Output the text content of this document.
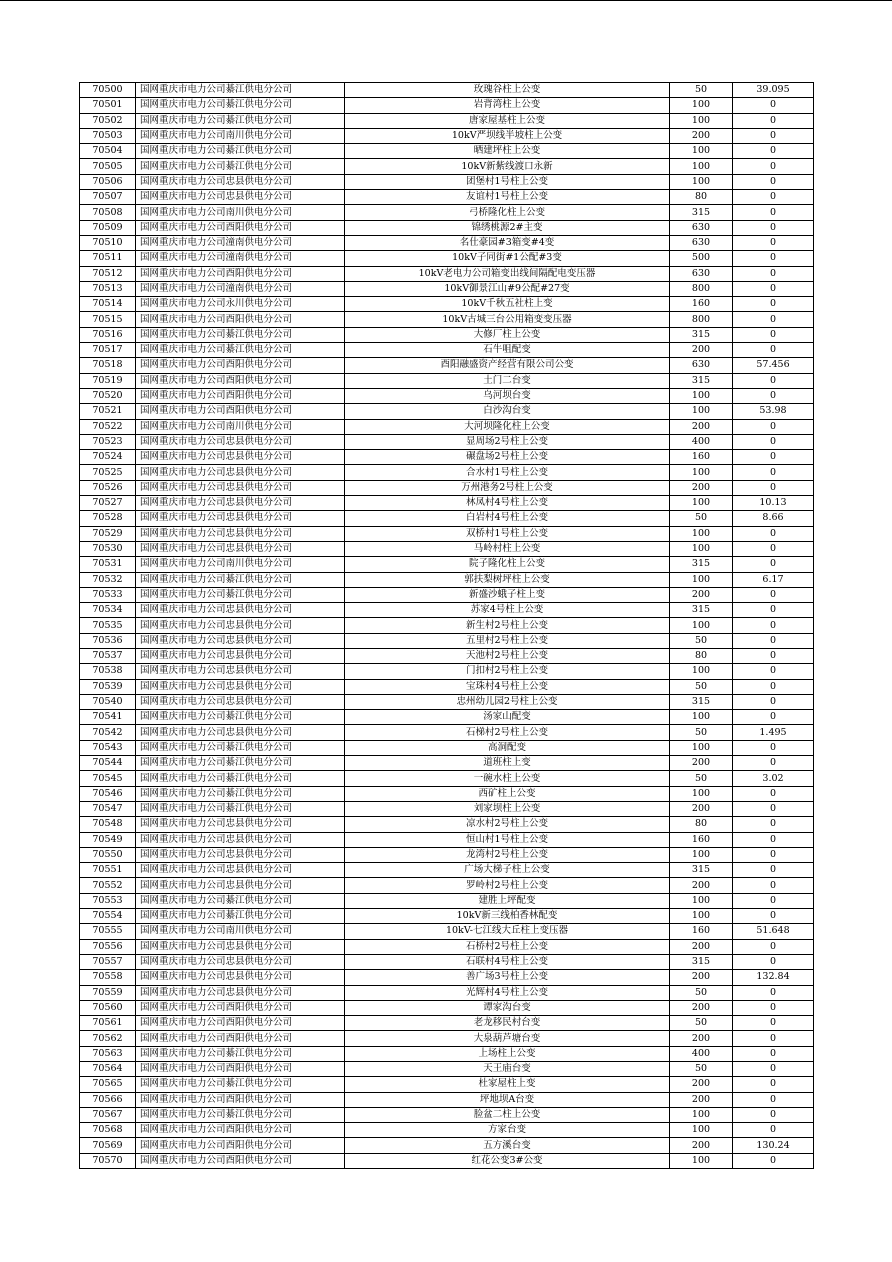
70500	国网重庆市电力公司綦江供电分公司	玫瑰谷柱上公变	50	39.095
70501	国网重庆市电力公司綦江供电分公司	岩背湾柱上公变	100	0
70502	国网重庆市电力公司綦江供电分公司	唐家屋基柱上公变	100	0
70503	国网重庆市电力公司南川供电分公司	10kV严坝线半坡柱上公变	200	0
70504	国网重庆市电力公司綦江供电分公司	晒建坪柱上公变	100	0
70505	国网重庆市电力公司綦江供电分公司	10kV新紫线渡口永新	100	0
70506	国网重庆市电力公司忠县供电分公司	团堡村1号柱上公变	100	0
70507	国网重庆市电力公司忠县供电分公司	友谊村1号柱上公变	80	0
70508	国网重庆市电力公司南川供电分公司	弓桥隆化柱上公变	315	0
70509	国网重庆市电力公司酉阳供电分公司	锦绣桃源2#主变	630	0
70510	国网重庆市电力公司潼南供电分公司	名仕豪园#3箱变#4变	630	0
70511	国网重庆市电力公司潼南供电分公司	10kV子同街#1公配#3变	500	0
70512	国网重庆市电力公司酉阳供电分公司	10kV老电力公司箱变出线间隔配电变压器	630	0
70513	国网重庆市电力公司潼南供电分公司	10kV御景江山#9公配#27变	800	0
70514	国网重庆市电力公司永川供电分公司	10kV千秋五社柱上变	160	0
70515	国网重庆市电力公司酉阳供电分公司	10kV古城三台公用箱变变压器	800	0
70516	国网重庆市电力公司綦江供电分公司	大修厂柱上公变	315	0
70517	国网重庆市电力公司綦江供电分公司	石牛咀配变	200	0
70518	国网重庆市电力公司酉阳供电分公司	酉阳融盛资产经营有限公司公变	630	57.456
70519	国网重庆市电力公司酉阳供电分公司	土门二台变	315	0
70520	国网重庆市电力公司酉阳供电分公司	乌河坝台变	100	0
70521	国网重庆市电力公司酉阳供电分公司	白沙沟台变	100	53.98
70522	国网重庆市电力公司南川供电分公司	大河坝隆化柱上公变	200	0
70523	国网重庆市电力公司忠县供电分公司	显周场2号柱上公变	400	0
70524	国网重庆市电力公司忠县供电分公司	碾盘场2号柱上公变	160	0
70525	国网重庆市电力公司忠县供电分公司	合水村1号柱上公变	100	0
70526	国网重庆市电力公司忠县供电分公司	万州港务2号柱上公变	200	0
70527	国网重庆市电力公司忠县供电分公司	林凤村4号柱上公变	100	10.13
70528	国网重庆市电力公司忠县供电分公司	白岩村4号柱上公变	50	8.66
70529	国网重庆市电力公司忠县供电分公司	双桥村1号柱上公变	100	0
70530	国网重庆市电力公司忠县供电分公司	马岭村柱上公变	100	0
70531	国网重庆市电力公司南川供电分公司	院子隆化柱上公变	315	0
70532	国网重庆市电力公司綦江供电分公司	郭扶梨树坪柱上公变	100	6.17
70533	国网重庆市电力公司綦江供电分公司	新盛沙蛾子柱上变	200	0
70534	国网重庆市电力公司忠县供电分公司	苏家4号柱上公变	315	0
70535	国网重庆市电力公司忠县供电分公司	新生村2号柱上公变	100	0
70536	国网重庆市电力公司忠县供电分公司	五里村2号柱上公变	50	0
70537	国网重庆市电力公司忠县供电分公司	天池村2号柱上公变	80	0
70538	国网重庆市电力公司忠县供电分公司	门扣村2号柱上公变	100	0
70539	国网重庆市电力公司忠县供电分公司	宝珠村4号柱上公变	50	0
70540	国网重庆市电力公司忠县供电分公司	忠州幼儿园2号柱上公变	315	0
70541	国网重庆市电力公司綦江供电分公司	汤家山配变	100	0
70542	国网重庆市电力公司忠县供电分公司	石梯村2号柱上公变	50	1.495
70543	国网重庆市电力公司綦江供电分公司	高洞配变	100	0
70544	国网重庆市电力公司綦江供电分公司	道班柱上变	200	0
70545	国网重庆市电力公司綦江供电分公司	一碗水柱上公变	50	3.02
70546	国网重庆市电力公司綦江供电分公司	西矿柱上公变	100	0
70547	国网重庆市电力公司綦江供电分公司	刘家坝柱上公变	200	0
70548	国网重庆市电力公司忠县供电分公司	凉水村2号柱上公变	80	0
70549	国网重庆市电力公司忠县供电分公司	恒山村1号柱上公变	160	0
70550	国网重庆市电力公司忠县供电分公司	龙湾村2号柱上公变	100	0
70551	国网重庆市电力公司忠县供电分公司	广场大梯子柱上公变	315	0
70552	国网重庆市电力公司忠县供电分公司	罗岭村2号柱上公变	200	0
70553	国网重庆市电力公司綦江供电分公司	建胜上坪配变	100	0
70554	国网重庆市电力公司綦江供电分公司	10kV新三线柏香林配变	100	0
70555	国网重庆市电力公司南川供电分公司	10kV-七江线大丘柱上变压器	160	51.648
70556	国网重庆市电力公司忠县供电分公司	石桥村2号柱上公变	200	0
70557	国网重庆市电力公司忠县供电分公司	石联村4号柱上公变	315	0
70558	国网重庆市电力公司忠县供电分公司	善广场3号柱上公变	200	132.84
70559	国网重庆市电力公司忠县供电分公司	光辉村4号柱上公变	50	0
70560	国网重庆市电力公司酉阳供电分公司	谭家沟台变	200	0
70561	国网重庆市电力公司酉阳供电分公司	老龙移民村台变	50	0
70562	国网重庆市电力公司酉阳供电分公司	大泉葫芦塘台变	200	0
70563	国网重庆市电力公司綦江供电分公司	上场柱上公变	400	0
70564	国网重庆市电力公司酉阳供电分公司	天王庙台变	50	0
70565	国网重庆市电力公司綦江供电分公司	杜家屋柱上变	200	0
70566	国网重庆市电力公司酉阳供电分公司	坪地坝A台变	200	0
70567	国网重庆市电力公司綦江供电分公司	脸盆二柱上公变	100	0
70568	国网重庆市电力公司酉阳供电分公司	方家台变	100	0
70569	国网重庆市电力公司酉阳供电分公司	五方溪台变	200	130.24
70570	国网重庆市电力公司酉阳供电分公司	红花公变3#公变	100	0
